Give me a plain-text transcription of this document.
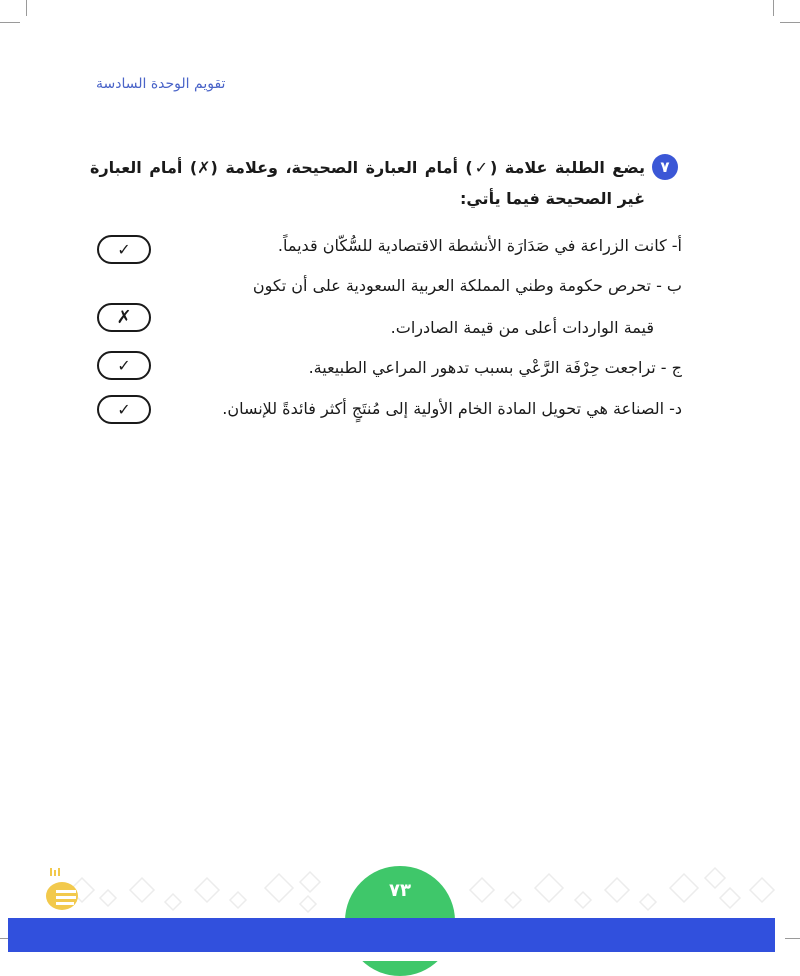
تقويم الوحدة السادسة
٧
يضع الطلبة علامة (✓) أمام العبارة الصحيحة، وعلامة (✗) أمام العبارة غير الصحيحة فيما يأتي:
أ- كانت الزراعة في صَدَارَة الأنشطة الاقتصادية للسُّكّان قديماً.
✓
ب - تحرص حكومة وطني المملكة العربية السعودية على أن تكون
قيمة الواردات أعلى من قيمة الصادرات.
✗
ج - تراجعت حِرْفَة الرَّعْي بسبب تدهور المراعي الطبيعية.
✓
د- الصناعة هي تحويل المادة الخام الأولية إلى مُنتَجٍ أكثر فائدةً للإنسان.
✓
٧٣
